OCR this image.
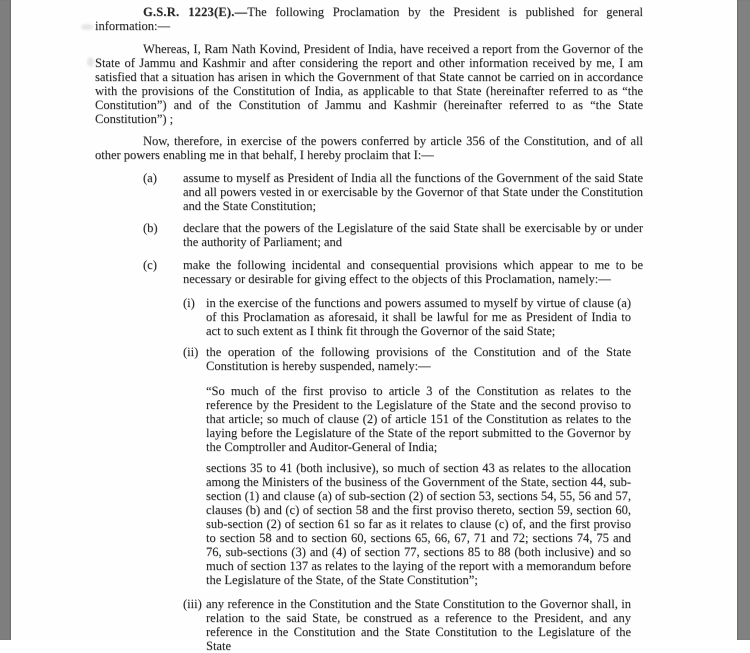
G.S.R. 1223(E).—The following Proclamation by the President is published for general information:—

Whereas, I, Ram Nath Kovind, President of India, have received a report from the Governor of the State of Jammu and Kashmir and after considering the report and other information received by me, I am satisfied that a situation has arisen in which the Government of that State cannot be carried on in accordance with the provisions of the Constitution of India, as applicable to that State (hereinafter referred to as “the Constitution”) and of the Constitution of Jammu and Kashmir (hereinafter referred to as “the State Constitution”) ;

Now, therefore, in exercise of the powers conferred by article 356 of the Constitution, and of all other powers enabling me in that behalf, I hereby proclaim that I:—

(a) assume to myself as President of India all the functions of the Government of the said State and all powers vested in or exercisable by the Governor of that State under the Constitution and the State Constitution;

(b) declare that the powers of the Legislature of the said State shall be exercisable by or under the authority of Parliament; and

(c) make the following incidental and consequential provisions which appear to me to be necessary or desirable for giving effect to the objects of this Proclamation, namely:—

(i) in the exercise of the functions and powers assumed to myself by virtue of clause (a) of this Proclamation as aforesaid, it shall be lawful for me as President of India to act to such extent as I think fit through the Governor of the said State;

(ii) the operation of the following provisions of the Constitution and of the State Constitution is hereby suspended, namely:—

“So much of the first proviso to article 3 of the Constitution as relates to the reference by the President to the Legislature of the State and the second proviso to that article; so much of clause (2) of article 151 of the Constitution as relates to the laying before the Legislature of the State of the report submitted to the Governor by the Comptroller and Auditor-General of India;

sections 35 to 41 (both inclusive), so much of section 43 as relates to the allocation among the Ministers of the business of the Government of the State, section 44, sub-section (1) and clause (a) of sub-section (2) of section 53, sections 54, 55, 56 and 57, clauses (b) and (c) of section 58 and the first proviso thereto, section 59, section 60, sub-section (2) of section 61 so far as it relates to clause (c) of, and the first proviso to section 58 and to section 60, sections 65, 66, 67, 71 and 72; sections 74, 75 and 76, sub-sections (3) and (4) of section 77, sections 85 to 88 (both inclusive) and so much of section 137 as relates to the laying of the report with a memorandum before the Legislature of the State, of the State Constitution”;

(iii) any reference in the Constitution and the State Constitution to the Governor shall, in relation to the said State, be construed as a reference to the President, and any reference in the Constitution and the State Constitution to the Legislature of the State
